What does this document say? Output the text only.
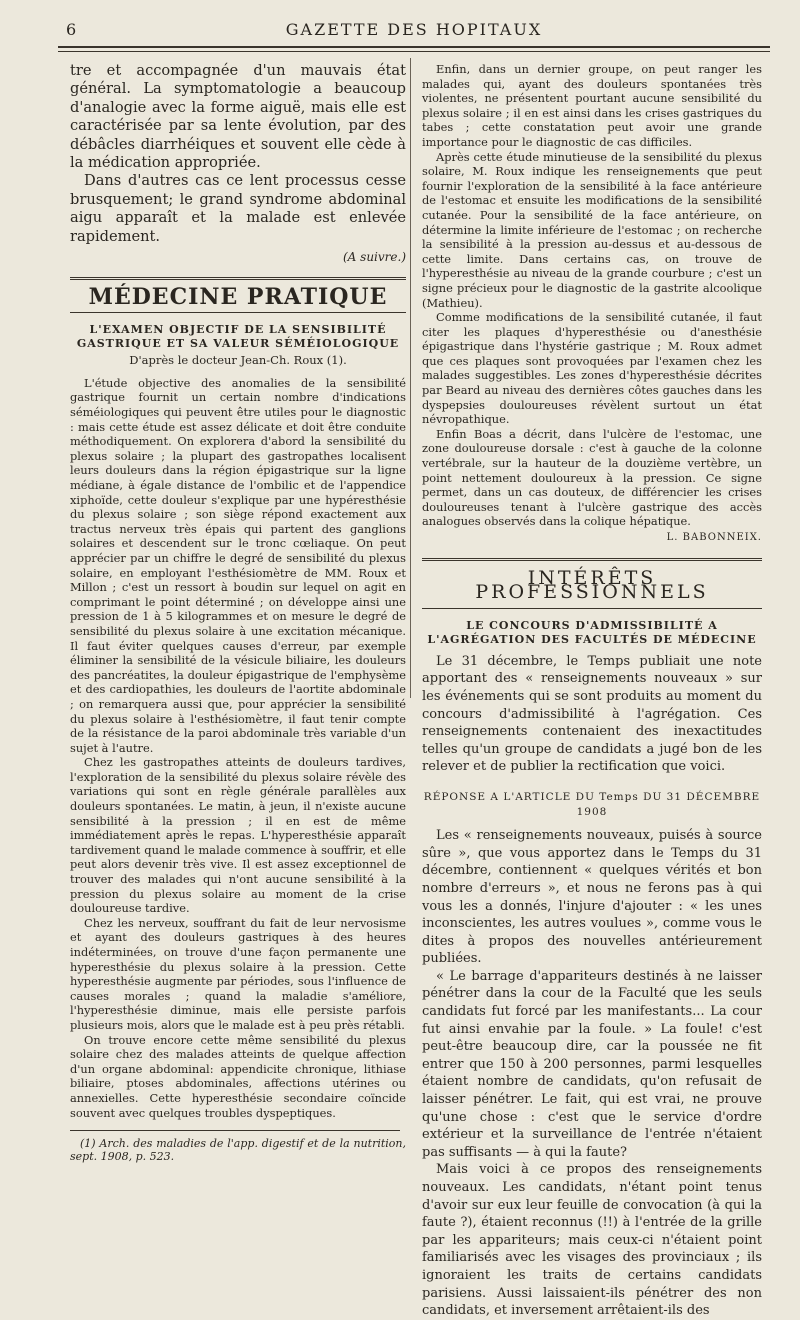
6	GAZETTE DES HOPITAUX

tre et accompagnée d'un mauvais état général. La symptomatologie a beaucoup d'analogie avec la forme aiguë, mais elle est caractérisée par sa lente évolution, par des débâcles diarrhéiques et souvent elle cède à la médication appropriée.

Dans d'autres cas ce lent processus cesse brusquement; le grand syndrome abdominal aigu apparaît et la malade est enlevée rapidement.

(A suivre.)
MÉDECINE PRATIQUE
L'EXAMEN OBJECTIF DE LA SENSIBILITÉ GASTRIQUE ET SA VALEUR SÉMÉIOLOGIQUE
D'après le docteur Jean-Ch. Roux (1).

L'étude objective des anomalies de la sensibilité gastrique fournit un certain nombre d'indications séméiologiques qui peuvent être utiles pour le diagnostic : mais cette étude est assez délicate et doit être conduite méthodiquement. On explorera d'abord la sensibilité du plexus solaire ; la plupart des gastropathes localisent leurs douleurs dans la région épigastrique sur la ligne médiane, à égale distance de l'ombilic et de l'appendice xiphoïde, cette douleur s'explique par une hypéresthésie du plexus solaire ; son siège répond exactement aux tractus nerveux très épais qui partent des ganglions solaires et descendent sur le tronc cœliaque. On peut apprécier par un chiffre le degré de sensibilité du plexus solaire, en employant l'esthésiomètre de MM. Roux et Millon ; c'est un ressort à boudin sur lequel on agit en comprimant le point déterminé ; on développe ainsi une pression de 1 à 5 kilogrammes et on mesure le degré de sensibilité du plexus solaire à une excitation mécanique. Il faut éviter quelques causes d'erreur, par exemple éliminer la sensibilité de la vésicule biliaire, les douleurs des pancréatites, la douleur épigastrique de l'emphysème et des cardiopathies, les douleurs de l'aortite abdominale ; on remarquera aussi que, pour apprécier la sensibilité du plexus solaire à l'esthésiomètre, il faut tenir compte de la résistance de la paroi abdominale très variable d'un sujet à l'autre.

Chez les gastropathes atteints de douleurs tardives, l'exploration de la sensibilité du plexus solaire révèle des variations qui sont en règle générale parallèles aux douleurs spontanées. Le matin, à jeun, il n'existe aucune sensibilité à la pression ; il en est de même immédiatement après le repas. L'hyperesthésie apparaît tardivement quand le malade commence à souffrir, et elle peut alors devenir très vive. Il est assez exceptionnel de trouver des malades qui n'ont aucune sensibilité à la pression du plexus solaire au moment de la crise douloureuse tardive.

Chez les nerveux, souffrant du fait de leur nervosisme et ayant des douleurs gastriques à des heures indéterminées, on trouve d'une façon permanente une hyperesthésie du plexus solaire à la pression. Cette hyperesthésie augmente par périodes, sous l'influence de causes morales ; quand la maladie s'améliore, l'hyperesthésie diminue, mais elle persiste parfois plusieurs mois, alors que le malade est à peu près rétabli.

On trouve encore cette même sensibilité du plexus solaire chez des malades atteints de quelque affection d'un organe abdominal: appendicite chronique, lithiase biliaire, ptoses abdominales, affections utérines ou annexielles. Cette hyperesthésie secondaire coïncide souvent avec quelques troubles dyspeptiques.

(1) Arch. des maladies de l'app. digestif et de la nutrition, sept. 1908, p. 523.

Enfin, dans un dernier groupe, on peut ranger les malades qui, ayant des douleurs spontanées très violentes, ne présentent pourtant aucune sensibilité du plexus solaire ; il en est ainsi dans les crises gastriques du tabes ; cette constatation peut avoir une grande importance pour le diagnostic de cas difficiles.

Après cette étude minutieuse de la sensibilité du plexus solaire, M. Roux indique les renseignements que peut fournir l'exploration de la sensibilité à la face antérieure de l'estomac et ensuite les modifications de la sensibilité cutanée. Pour la sensibilité de la face antérieure, on détermine la limite inférieure de l'estomac ; on recherche la sensibilité à la pression au-dessus et au-dessous de cette limite. Dans certains cas, on trouve de l'hyperesthésie au niveau de la grande courbure ; c'est un signe précieux pour le diagnostic de la gastrite alcoolique (Mathieu).

Comme modifications de la sensibilité cutanée, il faut citer les plaques d'hyperesthésie ou d'anesthésie épigastrique dans l'hystérie gastrique ; M. Roux admet que ces plaques sont provoquées par l'examen chez les malades suggestibles. Les zones d'hyperesthésie décrites par Beard au niveau des dernières côtes gauches dans les dyspepsies douloureuses révèlent surtout un état névropathique.

Enfin Boas a décrit, dans l'ulcère de l'estomac, une zone douloureuse dorsale : c'est à gauche de la colonne vertébrale, sur la hauteur de la douzième vertèbre, un point nettement douloureux à la pression. Ce signe permet, dans un cas douteux, de différencier les crises douloureuses tenant à l'ulcère gastrique des accès analogues observés dans la colique hépatique.

L. BABONNEIX.
INTÉRÊTS PROFESSIONNELS
LE CONCOURS D'ADMISSIBILITÉ A L'AGRÉGATION DES FACULTÉS DE MÉDECINE

Le 31 décembre, le Temps publiait une note apportant des « renseignements nouveaux » sur les événements qui se sont produits au moment du concours d'admissibilité à l'agrégation. Ces renseignements contenaient des inexactitudes telles qu'un groupe de candidats a jugé bon de les relever et de publier la rectification que voici.

RÉPONSE A L'ARTICLE DU Temps DU 31 DÉCEMBRE 1908

Les « renseignements nouveaux, puisés à source sûre », que vous apportez dans le Temps du 31 décembre, contiennent « quelques vérités et bon nombre d'erreurs », et nous ne ferons pas à qui vous les a donnés, l'injure d'ajouter : « les unes inconscientes, les autres voulues », comme vous le dites à propos des nouvelles antérieurement publiées.

« Le barrage d'appariteurs destinés à ne laisser pénétrer dans la cour de la Faculté que les seuls candidats fut forcé par les manifestants... La cour fut ainsi envahie par la foule. » La foule! c'est peut-être beaucoup dire, car la poussée ne fit entrer que 150 à 200 personnes, parmi lesquelles étaient nombre de candidats, qu'on refusait de laisser pénétrer. Le fait, qui est vrai, ne prouve qu'une chose : c'est que le service d'ordre extérieur et la surveillance de l'entrée n'étaient pas suffisants — à qui la faute?

Mais voici à ce propos des renseignements nouveaux. Les candidats, n'étant point tenus d'avoir sur eux leur feuille de convocation (à qui la faute ?), étaient reconnus (!!) à l'entrée de la grille par les appariteurs; mais ceux-ci n'étaient point familiarisés avec les visages des provinciaux ; ils ignoraient les traits de certains candidats parisiens. Aussi laissaient-ils pénétrer des non candidats, et inversement arrêtaient-ils des
